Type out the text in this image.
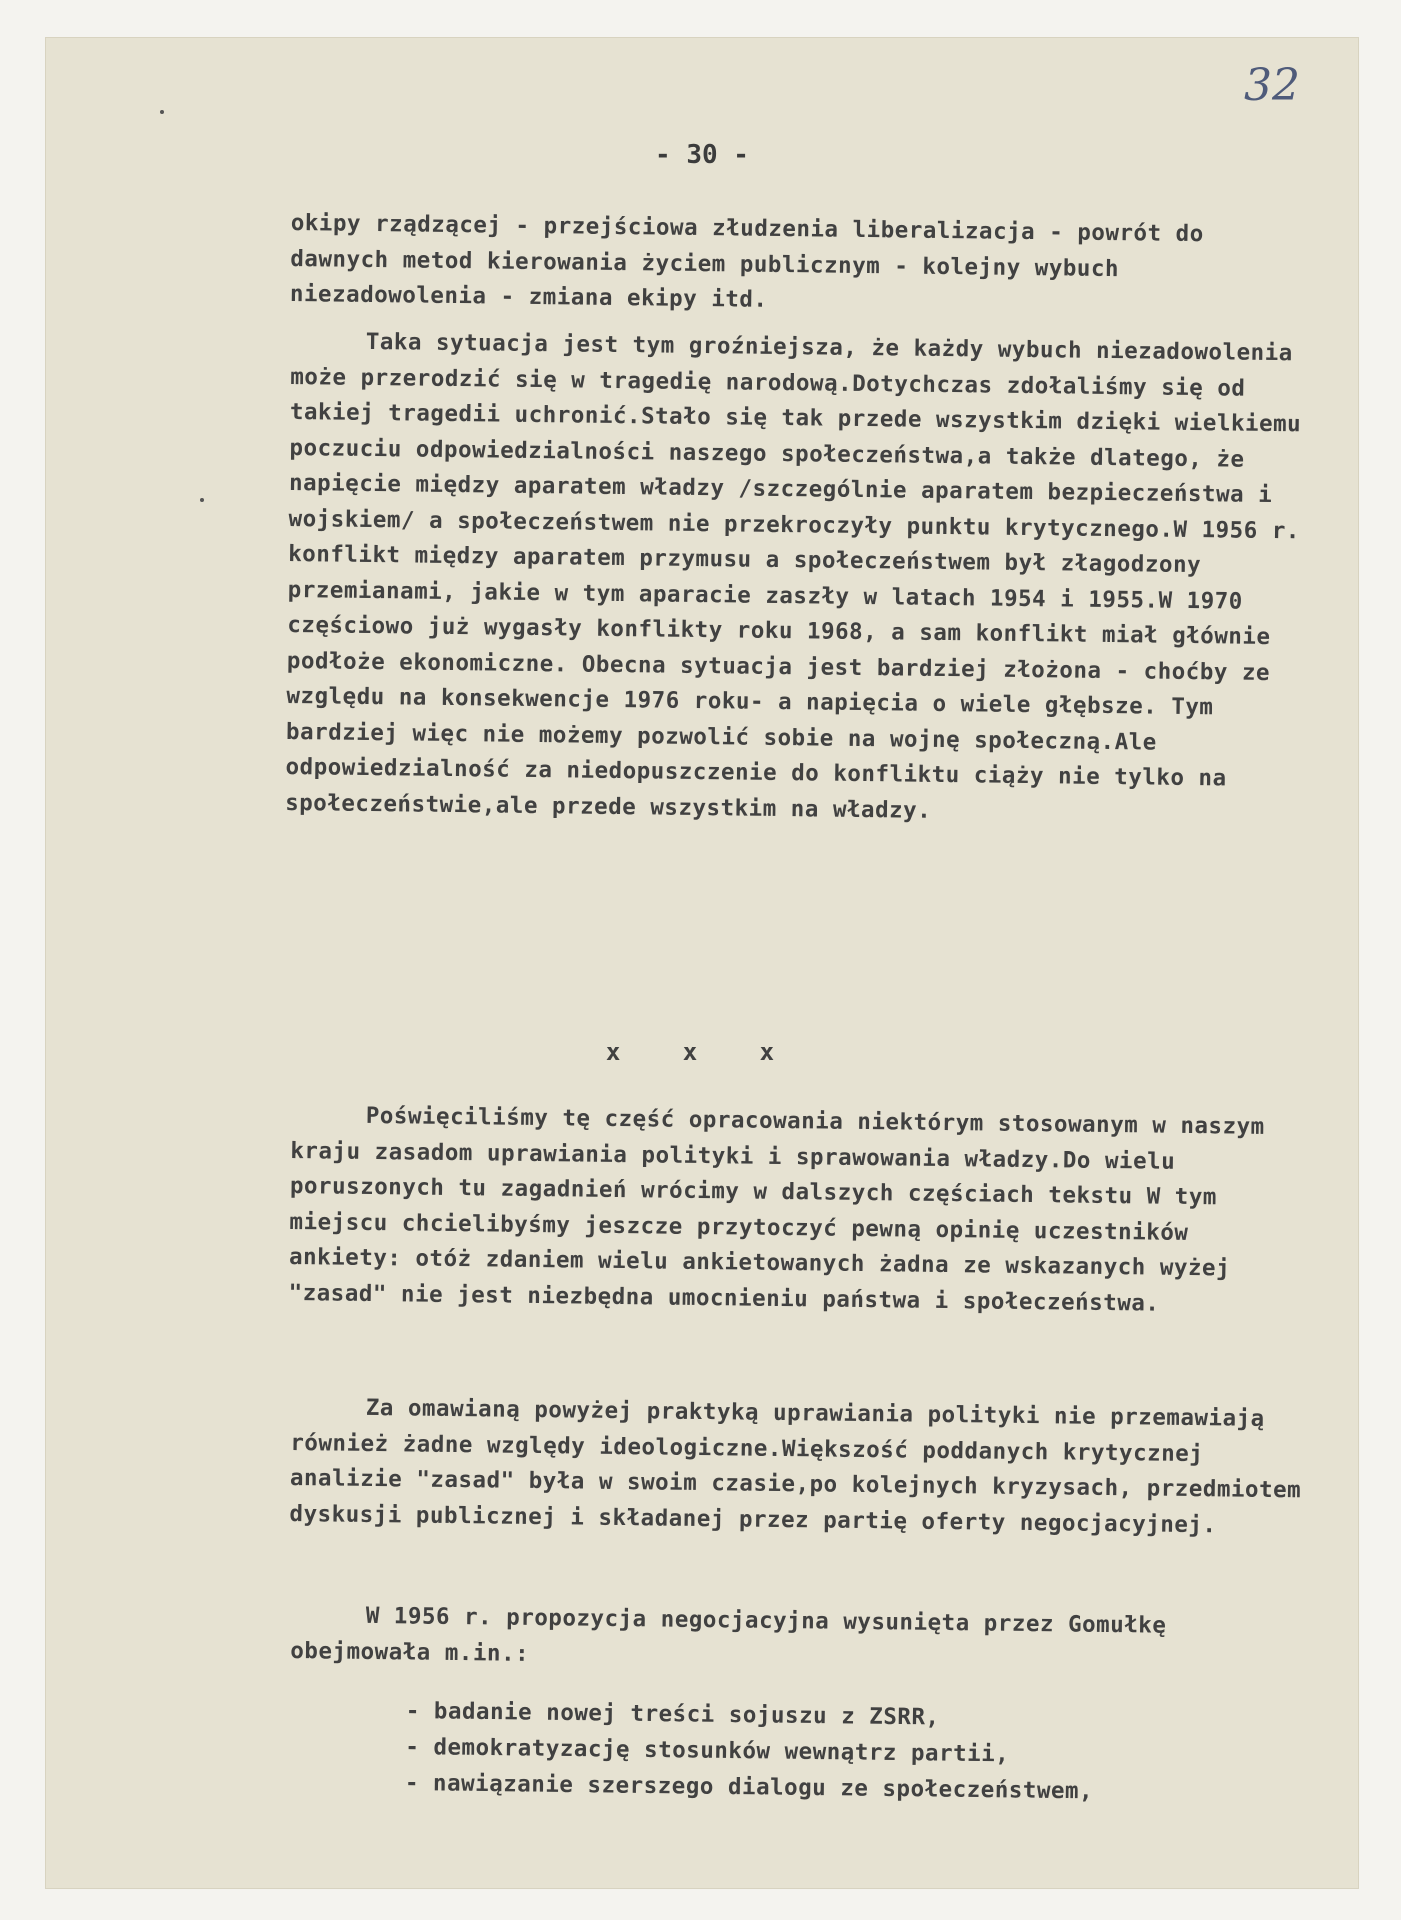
32
- 30 -

okipy rządzącej - przejściowa złudzenia liberalizacja - powrót do dawnych metod kierowania życiem publicznym - kolejny wybuch niezadowolenia - zmiana ekipy itd.

Taka sytuacja jest tym groźniejsza, że każdy wybuch niezadowolenia może przerodzić się w tragedię narodową.Dotychczas zdołaliśmy się od takiej tragedii uchronić.Stało się tak przede wszystkim dzięki wielkiemu poczuciu odpowiedzialności naszego społeczeństwa,a także dlatego, że napięcie między aparatem władzy /szczególnie aparatem bezpieczeństwa i wojskiem/ a społeczeństwem nie przekroczyły punktu krytycznego.W 1956 r. konflikt między aparatem przymusu a społeczeństwem był złagodzony przemianami, jakie w tym aparacie zaszły w latach 1954 i 1955.W 1970 częściowo już wygasły konflikty roku 1968, a sam konflikt miał głównie podłoże ekonomiczne. Obecna sytuacja jest bardziej złożona - choćby ze względu na konsekwencje 1976 roku- a napięcia o wiele głębsze. Tym bardziej więc nie możemy pozwolić sobie na wojnę społeczną.Ale odpowiedzialność za niedopuszczenie do konfliktu ciąży nie tylko na społeczeństwie,ale przede wszystkim na władzy.

x x x

Poświęciliśmy tę część opracowania niektórym stosowanym w naszym kraju zasadom uprawiania polityki i sprawowania władzy.Do wielu poruszonych tu zagadnień wrócimy w dalszych częściach tekstu W tym miejscu chcielibyśmy jeszcze przytoczyć pewną opinię uczestników ankiety: otóż zdaniem wielu ankietowanych żadna ze wskazanych wyżej "zasad" nie jest niezbędna umocnieniu państwa i społeczeństwa.

Za omawianą powyżej praktyką uprawiania polityki nie przemawiają również żadne względy ideologiczne.Większość poddanych krytycznej analizie "zasad" była w swoim czasie,po kolejnych kryzysach, przedmiotem dyskusji publicznej i składanej przez partię oferty negocjacyjnej.

W 1956 r. propozycja negocjacyjna wysunięta przez Gomułkę obejmowała m.in.:

- badanie nowej treści sojuszu z ZSRR,
- demokratyzację stosunków wewnątrz partii,
- nawiązanie szerszego dialogu ze społeczeństwem,
